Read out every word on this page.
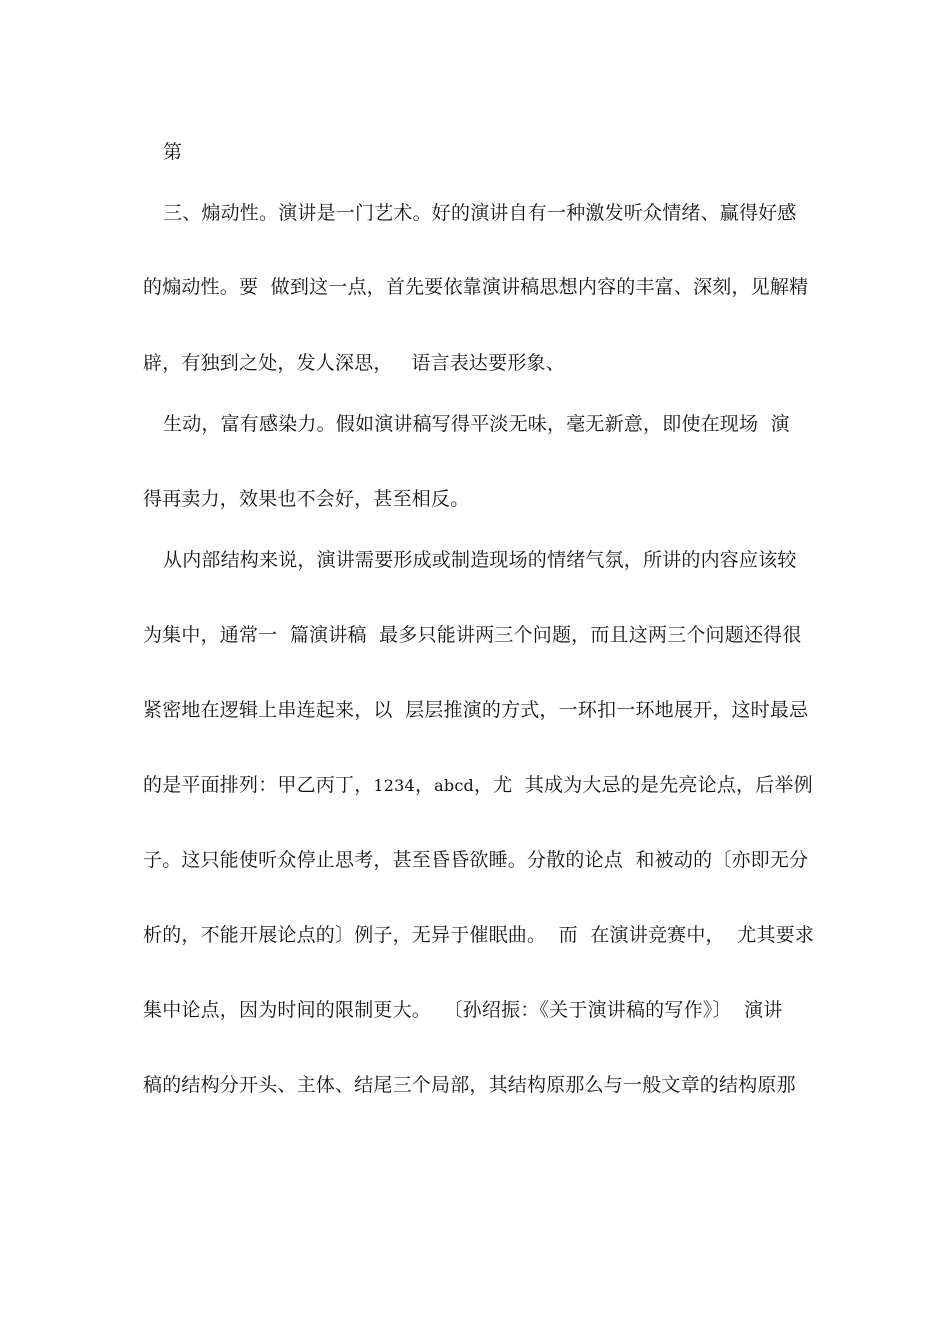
第
三、煽动性。演讲是一门艺术。好的演讲自有一种激发听众情绪、赢得好感
的煽动性。要  做到这一点，首先要依靠演讲稿思想内容的丰富、深刻，见解精
辟，有独到之处，发人深思，   语言表达要形象、
生动，富有感染力。假如演讲稿写得平淡无味，毫无新意，即使在现场  演
得再卖力，效果也不会好，甚至相反。
从内部结构来说，演讲需要形成或制造现场的情绪气氛，所讲的内容应该较
为集中，通常一  篇演讲稿  最多只能讲两三个问题，而且这两三个问题还得很
紧密地在逻辑上串连起来，以  层层推演的方式，一环扣一环地展开，这时最忌
的是平面排列：甲乙丙丁，1234，abcd，尤  其成为大忌的是先亮论点，后举例
子。这只能使听众停止思考，甚至昏昏欲睡。分散的论点  和被动的〔亦即无分
析的，不能开展论点的〕例子，无异于催眠曲。  而  在演讲竞赛中，  尤其要求
集中论点，因为时间的限制更大。  〔孙绍振：《关于演讲稿的写作》〕  演讲
稿的结构分开头、主体、结尾三个局部，其结构原那么与一般文章的结构原那
